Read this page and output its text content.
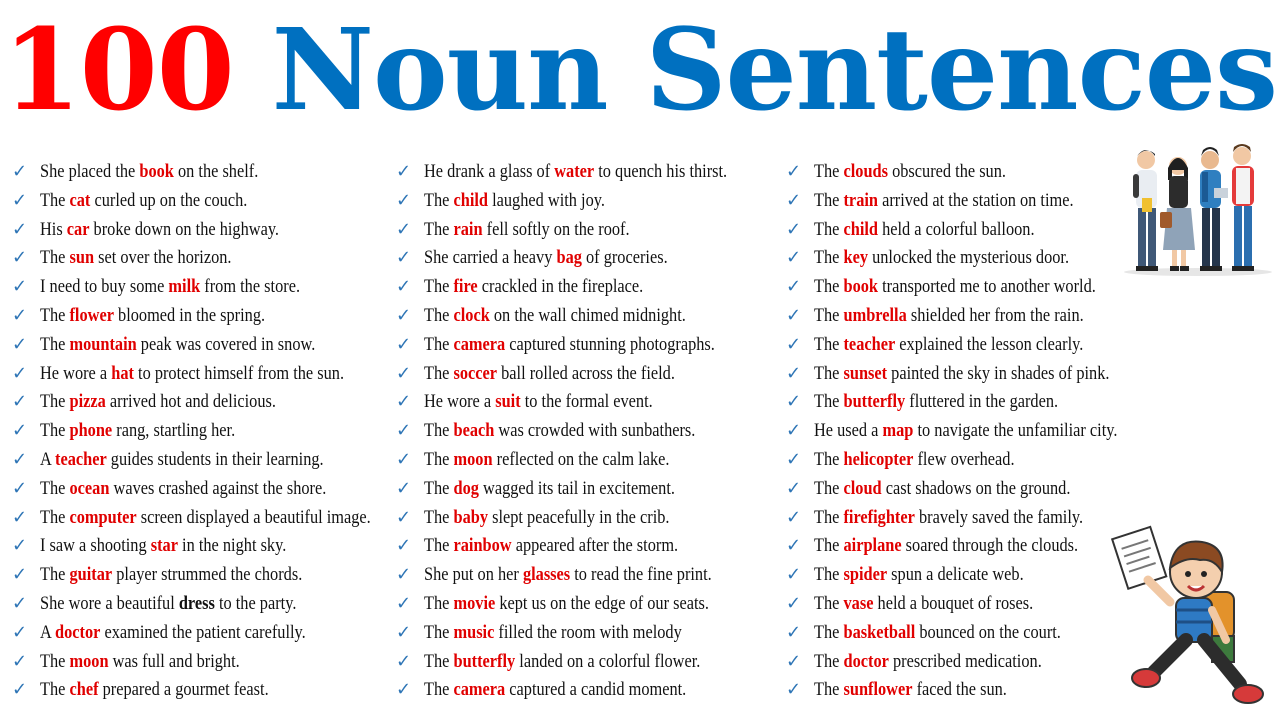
100 Noun Sentences
✓ She placed the book on the shelf.
✓ The cat curled up on the couch.
✓ His car broke down on the highway.
✓ The sun set over the horizon.
✓ I need to buy some milk from the store.
✓ The flower bloomed in the spring.
✓ The mountain peak was covered in snow.
✓ He wore a hat to protect himself from the sun.
✓ The pizza arrived hot and delicious.
✓ The phone rang, startling her.
✓ A teacher guides students in their learning.
✓ The ocean waves crashed against the shore.
✓ The computer screen displayed a beautiful image.
✓ I saw a shooting star in the night sky.
✓ The guitar player strummed the chords.
✓ She wore a beautiful dress to the party.
✓ A doctor examined the patient carefully.
✓ The moon was full and bright.
✓ The chef prepared a gourmet feast.
✓ He drank a glass of water to quench his thirst.
✓ The child laughed with joy.
✓ The rain fell softly on the roof.
✓ She carried a heavy bag of groceries.
✓ The fire crackled in the fireplace.
✓ The clock on the wall chimed midnight.
✓ The camera captured stunning photographs.
✓ The soccer ball rolled across the field.
✓ He wore a suit to the formal event.
✓ The beach was crowded with sunbathers.
✓ The moon reflected on the calm lake.
✓ The dog wagged its tail in excitement.
✓ The baby slept peacefully in the crib.
✓ The rainbow appeared after the storm.
✓ She put on her glasses to read the fine print.
✓ The movie kept us on the edge of our seats.
✓ The music filled the room with melody
✓ The butterfly landed on a colorful flower.
✓ The camera captured a candid moment.
✓ The clouds obscured the sun.
✓ The train arrived at the station on time.
✓ The child held a colorful balloon.
✓ The key unlocked the mysterious door.
✓ The book transported me to another world.
✓ The umbrella shielded her from the rain.
✓ The teacher explained the lesson clearly.
✓ The sunset painted the sky in shades of pink.
✓ The butterfly fluttered in the garden.
✓ He used a map to navigate the unfamiliar city.
✓ The helicopter flew overhead.
✓ The cloud cast shadows on the ground.
✓ The firefighter bravely saved the family.
✓ The airplane soared through the clouds.
✓ The spider spun a delicate web.
✓ The vase held a bouquet of roses.
✓ The basketball bounced on the court.
✓ The doctor prescribed medication.
✓ The sunflower faced the sun.
